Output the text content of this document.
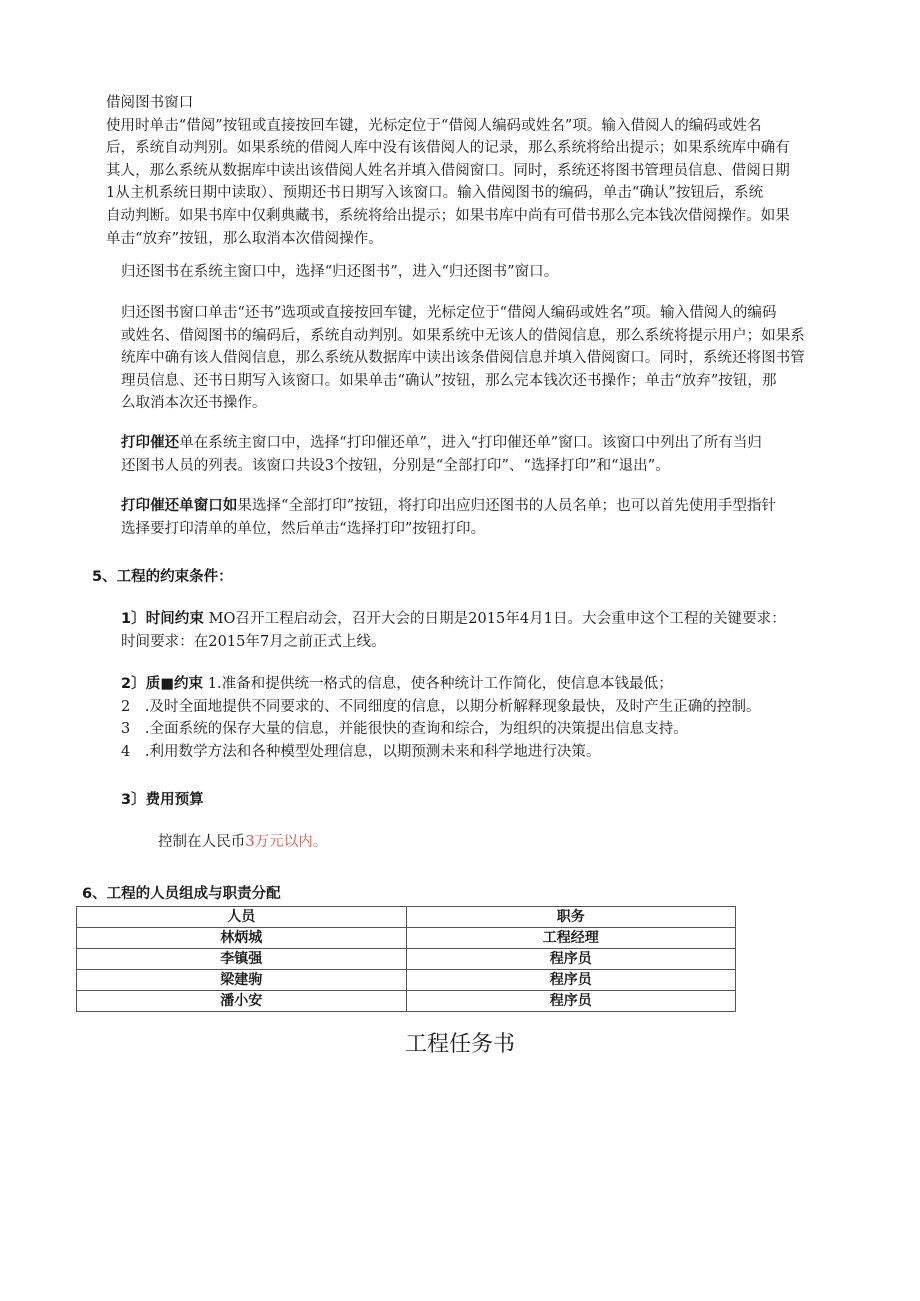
借阅图书窗口

使用时单击“借阅”按钮或直接按回车键，光标定位于“借阅人编码或姓名”项。输入借阅人的编码或姓名

后，系统自动判别。如果系统的借阅人库中没有该借阅人的记录，那么系统将给出提示；如果系统库中确有

其人，那么系统从数据库中读出该借阅人姓名并填入借阅窗口。同时，系统还将图书管理员信息、借阅日期

1从主机系统日期中读取）、预期还书日期写入该窗口。输入借阅图书的编码，单击“确认”按钮后，系统

自动判断。如果书库中仅剩典藏书，系统将给出提示；如果书库中尚有可借书那么完本钱次借阅操作。如果

单击“放弃”按钮，那么取消本次借阅操作。

归还图书在系统主窗口中，选择“归还图书”，进入“归还图书”窗口。

归还图书窗口单击“还书”选项或直接按回车键，光标定位于“借阅人编码或姓名”项。输入借阅人的编码

或姓名、借阅图书的编码后，系统自动判别。如果系统中无该人的借阅信息，那么系统将提示用户；如果系

统库中确有该人借阅信息，那么系统从数据库中读出该条借阅信息并填入借阅窗口。同时，系统还将图书管

理员信息、还书日期写入该窗口。如果单击“确认”按钮，那么完本钱次还书操作；单击“放弃”按钮，那

么取消本次还书操作。

打印催还单在系统主窗口中，选择“打印催还单”，进入“打印催还单”窗口。该窗口中列出了所有当归

还图书人员的列表。该窗口共设3个按钮，分别是“全部打印”、“选择打印”和“退出”。

打印催还单窗口如果选择“全部打印”按钮，将打印出应归还图书的人员名单；也可以首先使用手型指针

选择要打印清单的单位，然后单击“选择打印”按钮打印。

5、工程的约束条件：

1〕时间约束 MO召开工程启动会，召开大会的日期是2015年4月1日。大会重申这个工程的关键要求：

时间要求：在2015年7月之前正式上线。

2〕质■约束 1.准备和提供统一格式的信息，使各种统计工作简化，使信息本钱最低；

2　.及时全面地提供不同要求的、不同细度的信息，以期分析解释现象最快，及时产生正确的控制。

3　.全面系统的保存大量的信息，并能很快的查询和综合，为组织的决策提出信息支持。

4　.利用数学方法和各种模型处理信息，以期预测未来和科学地进行决策。

3〕费用预算

控制在人民币3万元以内。

6、工程的人员组成与职责分配
人员	职务
林炳城	工程经理
李镇强	程序员
梁建驹	程序员
潘小安	程序员
工程任务书
